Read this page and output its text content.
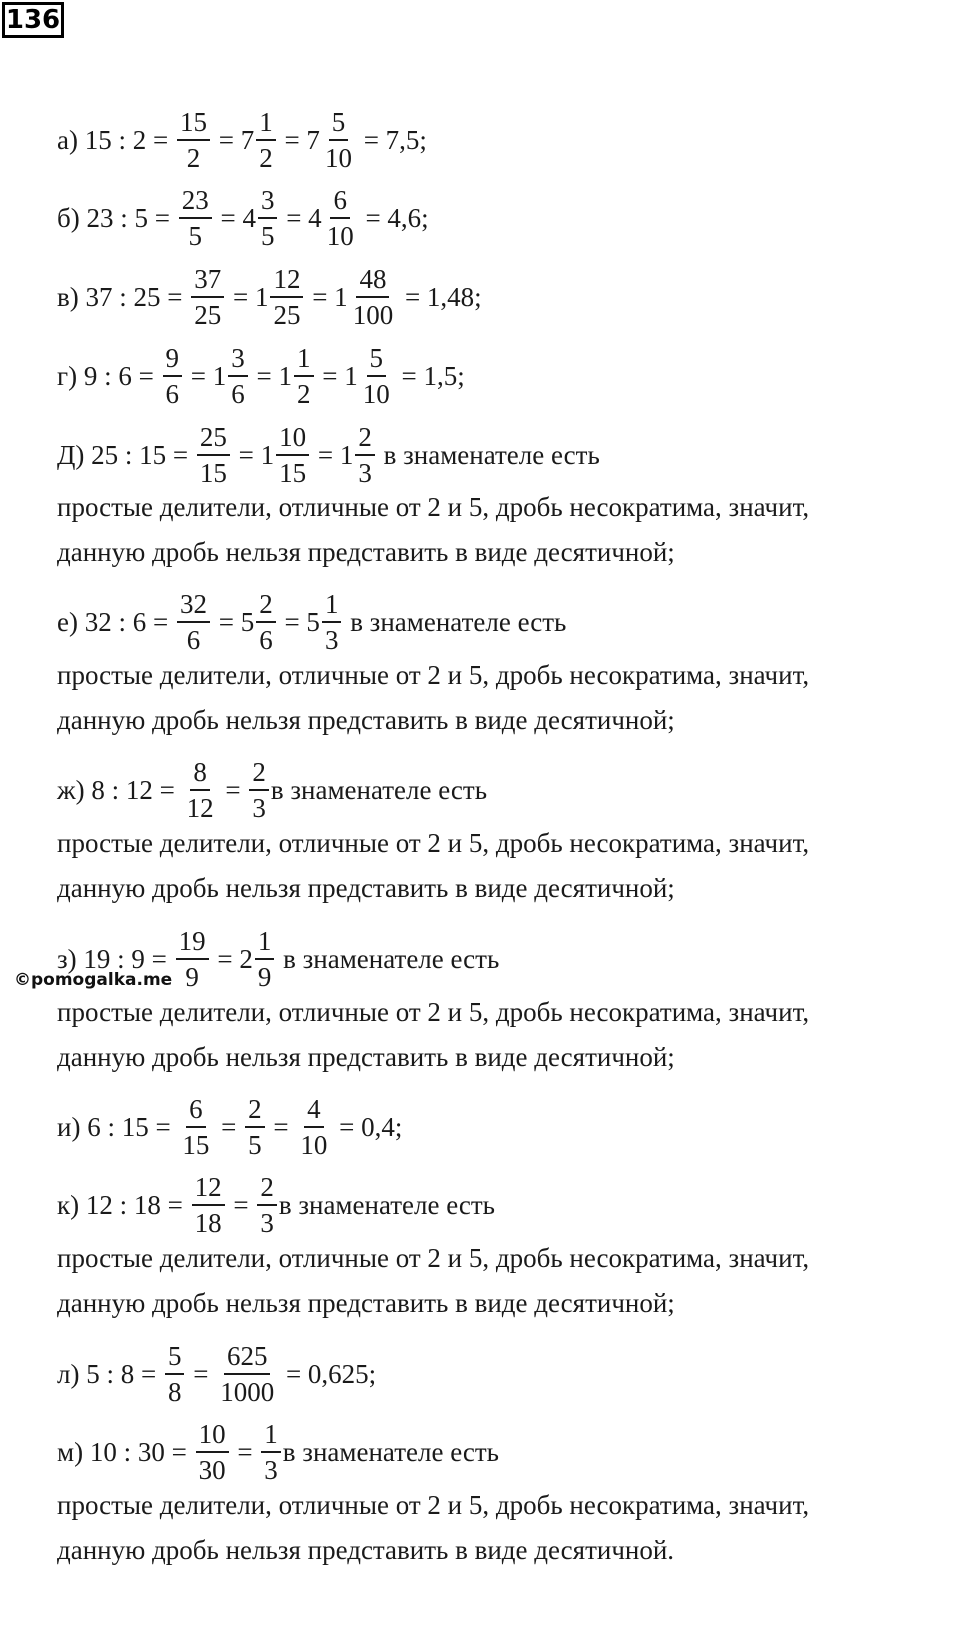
136
а) 15 : $2 = \frac{15}{2} = 7 \frac{1}{2} = 7 \frac{5}{10} = 7,5$;
б) 23 : $5 = \frac{23}{5} = 4 \frac{3}{5} = 4 \frac{6}{10} = 4,6$;
в) 37 : $25 = \frac{37}{25} = 1 \frac{12}{25} = 1 \frac{48}{100} = 1,48$;
г) 9 : $6 = \frac{9}{6} = 1 \frac{3}{6} = 1 \frac{1}{2} = 1 \frac{5}{10} = 1,5$;
Д) 25 : $15 = \frac{25}{15} = 1 \frac{10}{15} = 1 \frac{2}{3}$ в знаменателе есть
простые делители, отличные от 2 и 5, дробь несократима, значит,
данную дробь нельзя представить в виде десятичной;
е) 32 : $6 = \frac{32}{6} = 5 \frac{2}{6} = 5 \frac{1}{3}$ в знаменателе есть
простые делители, отличные от 2 и 5, дробь несократима, значит,
данную дробь нельзя представить в виде десятичной;
ж) 8 : $12 = \frac{8}{12} = \frac{2}{3}$ в знаменателе есть
простые делители, отличные от 2 и 5, дробь несократима, значит,
данную дробь нельзя представить в виде десятичной;
з) 19 : $9 = \frac{19}{9} = 2 \frac{1}{9}$ в знаменателе есть
простые делители, отличные от 2 и 5, дробь несократима, значит,
данную дробь нельзя представить в виде десятичной;
и) 6 : $15 = \frac{6}{15} = \frac{2}{5} = \frac{4}{10} = 0,4$;
к) 12 : $18 = \frac{12}{18} = \frac{2}{3}$ в знаменателе есть
простые делители, отличные от 2 и 5, дробь несократима, значит,
данную дробь нельзя представить в виде десятичной;
л) 5 : $8 = \frac{5}{8} = \frac{625}{1000} = 0,625$;
м) 10 : $30 = \frac{10}{30} = \frac{1}{3}$ в знаменателе есть
простые делители, отличные от 2 и 5, дробь несократима, значит,
данную дробь нельзя представить в виде десятичной.
©pomogalka.me
